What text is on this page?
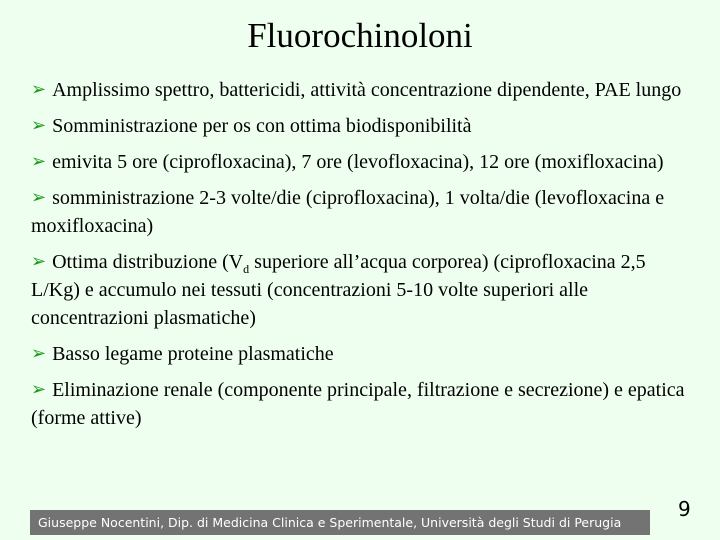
Fluorochinoloni
➢ Amplissimo spettro, battericidi, attività concentrazione dipendente, PAE lungo
➢ Somministrazione per os con ottima biodisponibilità
➢ emivita 5 ore (ciprofloxacina), 7 ore (levofloxacina), 12 ore (moxifloxacina)
➢ somministrazione 2-3 volte/die (ciprofloxacina), 1 volta/die (levofloxacina e moxifloxacina)
➢ Ottima distribuzione ($V_d$ superiore all’acqua corporea) (ciprofloxacina 2,5 L/Kg) e accumulo nei tessuti (concentrazioni 5-10 volte superiori alle concentrazioni plasmatiche)
➢ Basso legame proteine plasmatiche
➢ Eliminazione renale (componente principale, filtrazione e secrezione) e epatica (forme attive)
Giuseppe Nocentini, Dip. di Medicina Clinica e Sperimentale, Università degli Studi di Perugia
9
